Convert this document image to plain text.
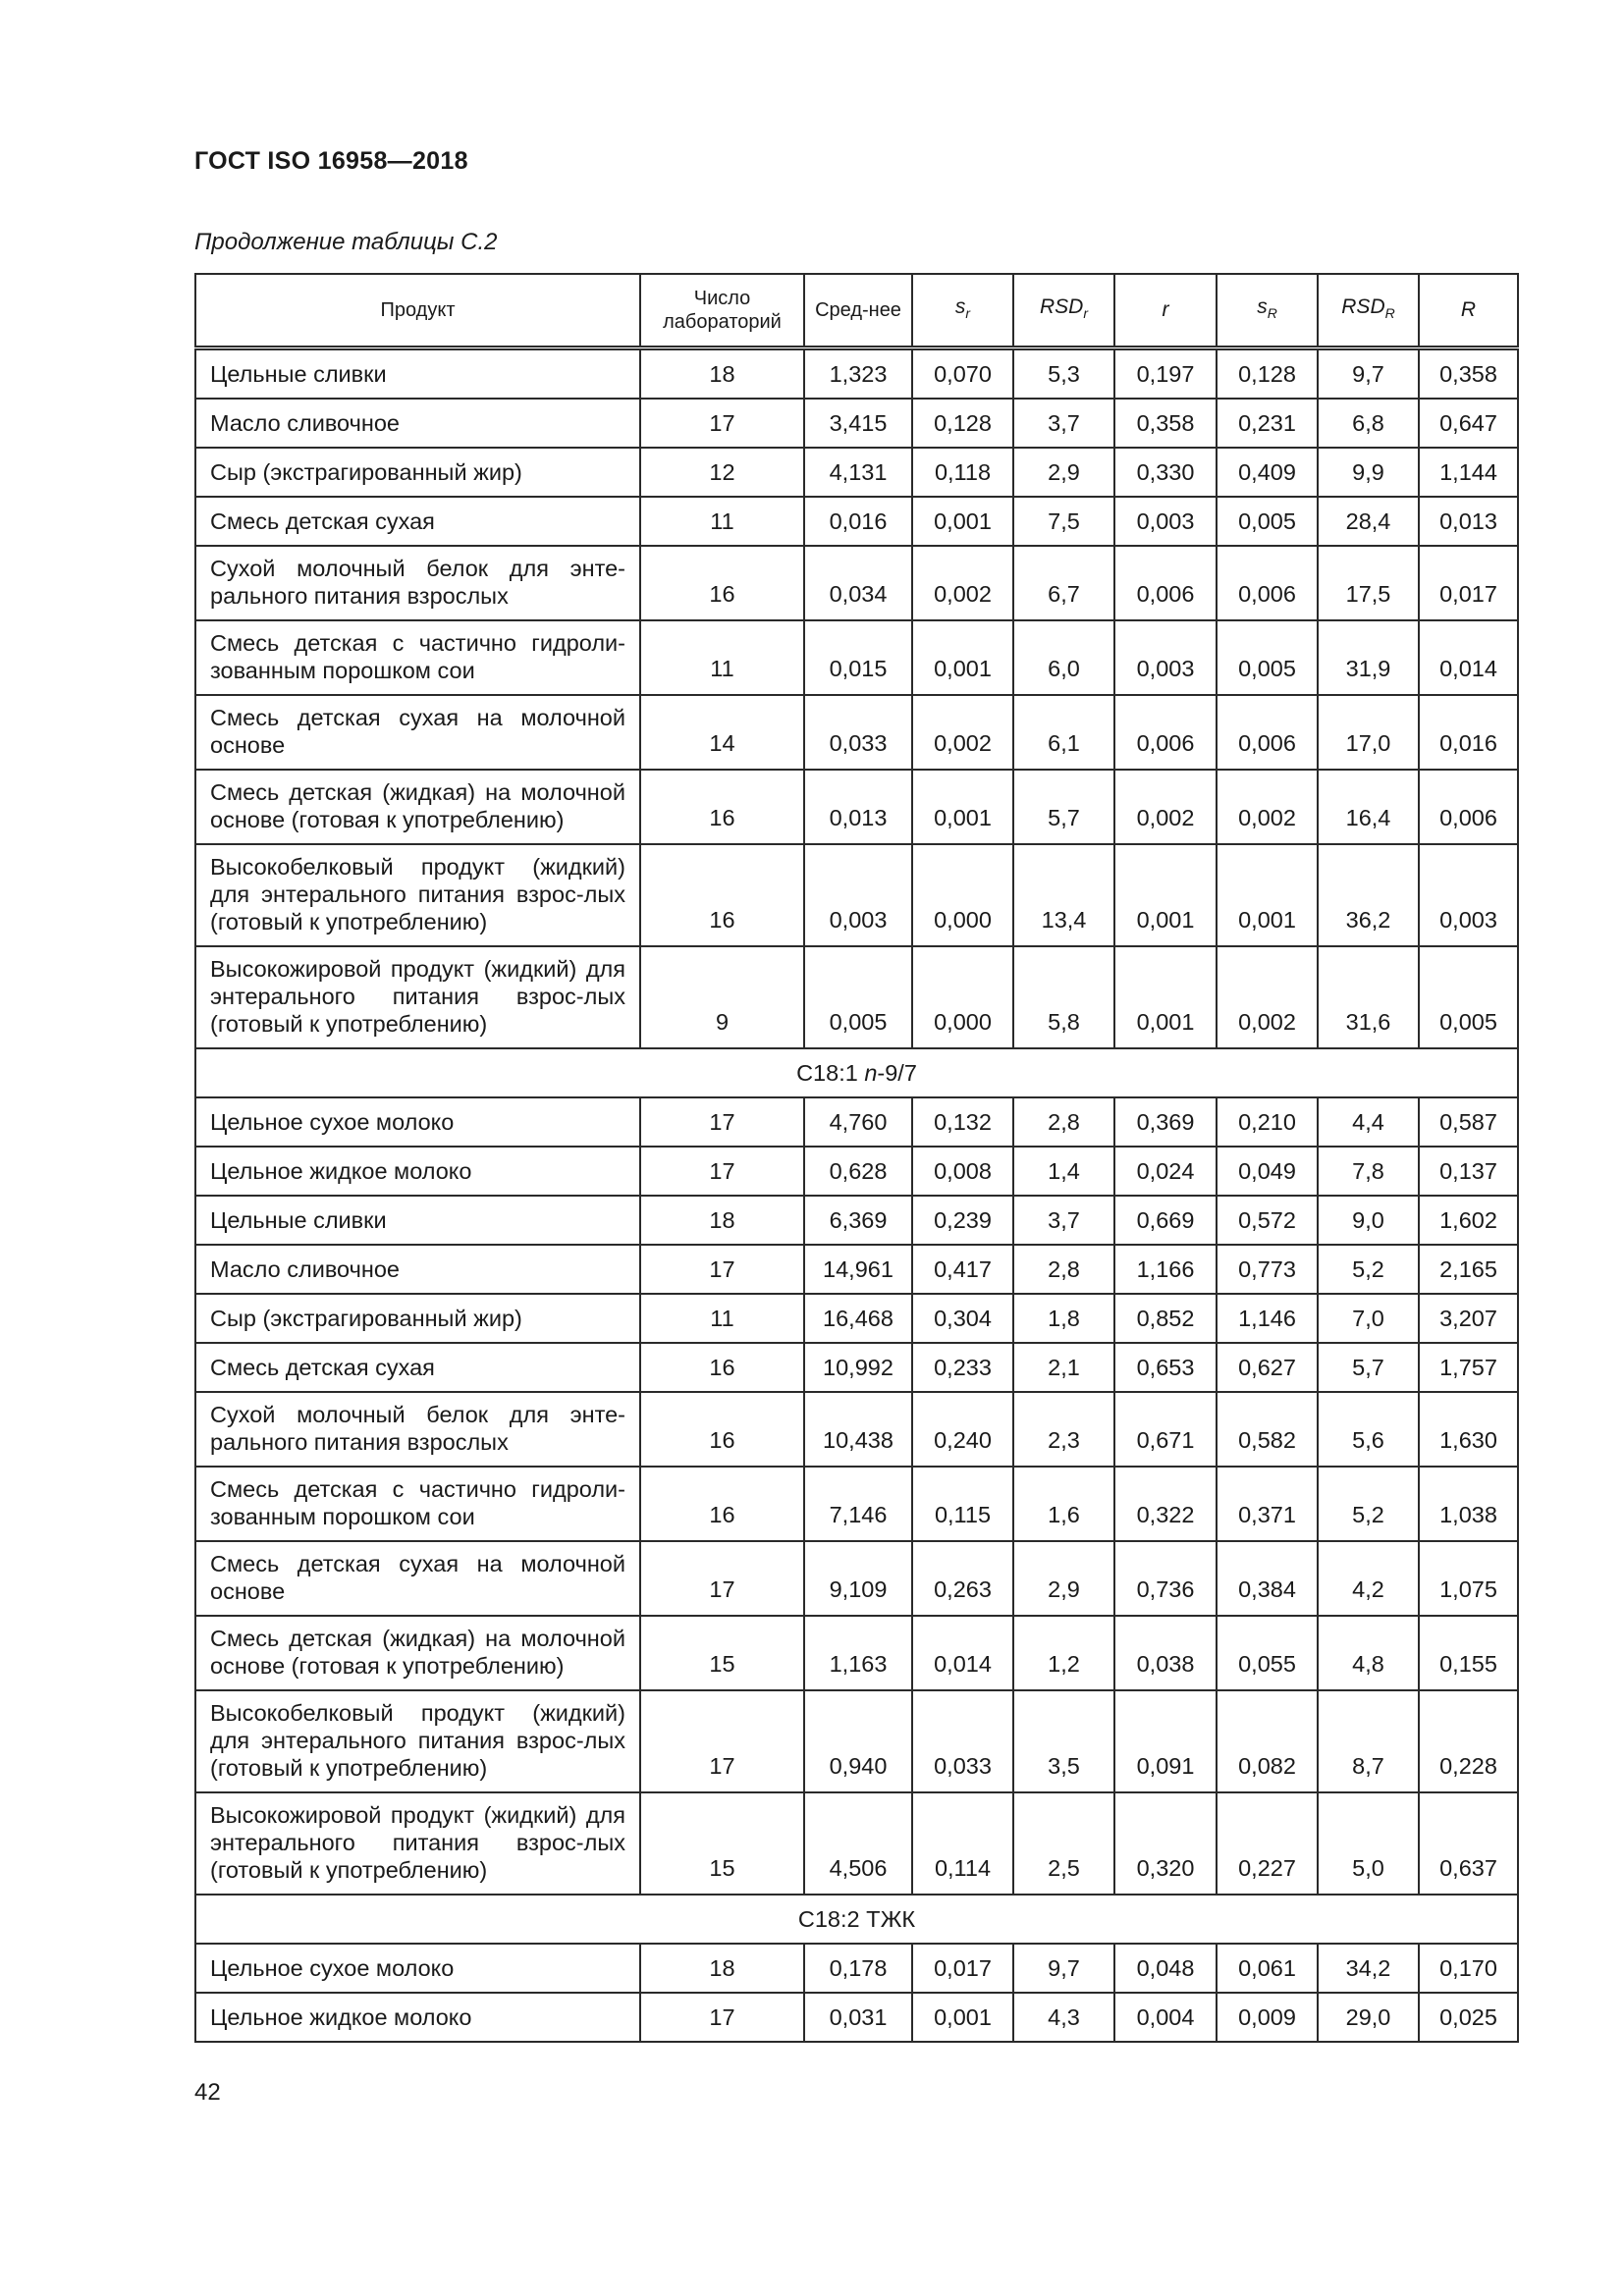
ГОСТ ISO 16958—2018
Продолжение таблицы С.2
Продукт	Число лабораторий	Сред-нее	$s_r$	$RSD_r$	r	$s_R$	$RSD_R$	R
Цельные сливки	18	1,323	0,070	5,3	0,197	0,128	9,7	0,358
Масло сливочное	17	3,415	0,128	3,7	0,358	0,231	6,8	0,647
Сыр (экстрагированный жир)	12	4,131	0,118	2,9	0,330	0,409	9,9	1,144
Смесь детская сухая	11	0,016	0,001	7,5	0,003	0,005	28,4	0,013
Сухой молочный белок для энте-рального питания взрослых	16	0,034	0,002	6,7	0,006	0,006	17,5	0,017
Смесь детская с частично гидроли-зованным порошком сои	11	0,015	0,001	6,0	0,003	0,005	31,9	0,014
Смесь детская сухая на молочной основе	14	0,033	0,002	6,1	0,006	0,006	17,0	0,016
Смесь детская (жидкая) на молочной основе (готовая к употреблению)	16	0,013	0,001	5,7	0,002	0,002	16,4	0,006
Высокобелковый продукт (жидкий) для энтерального питания взрос-лых (готовый к употреблению)	16	0,003	0,000	13,4	0,001	0,001	36,2	0,003
Высокожировой продукт (жидкий) для энтерального питания взрос-лых (готовый к употреблению)	9	0,005	0,000	5,8	0,001	0,002	31,6	0,005
С18:1 n-9/7								
Цельное сухое молоко	17	4,760	0,132	2,8	0,369	0,210	4,4	0,587
Цельное жидкое молоко	17	0,628	0,008	1,4	0,024	0,049	7,8	0,137
Цельные сливки	18	6,369	0,239	3,7	0,669	0,572	9,0	1,602
Масло сливочное	17	14,961	0,417	2,8	1,166	0,773	5,2	2,165
Сыр (экстрагированный жир)	11	16,468	0,304	1,8	0,852	1,146	7,0	3,207
Смесь детская сухая	16	10,992	0,233	2,1	0,653	0,627	5,7	1,757
Сухой молочный белок для энте-рального питания взрослых	16	10,438	0,240	2,3	0,671	0,582	5,6	1,630
Смесь детская с частично гидроли-зованным порошком сои	16	7,146	0,115	1,6	0,322	0,371	5,2	1,038
Смесь детская сухая на молочной основе	17	9,109	0,263	2,9	0,736	0,384	4,2	1,075
Смесь детская (жидкая) на молочной основе (готовая к употреблению)	15	1,163	0,014	1,2	0,038	0,055	4,8	0,155
Высокобелковый продукт (жидкий) для энтерального питания взрос-лых (готовый к употреблению)	17	0,940	0,033	3,5	0,091	0,082	8,7	0,228
Высокожировой продукт (жидкий) для энтерального питания взрос-лых (готовый к употреблению)	15	4,506	0,114	2,5	0,320	0,227	5,0	0,637
С18:2 ТЖК								
Цельное сухое молоко	18	0,178	0,017	9,7	0,048	0,061	34,2	0,170
Цельное жидкое молоко	17	0,031	0,001	4,3	0,004	0,009	29,0	0,025
42
